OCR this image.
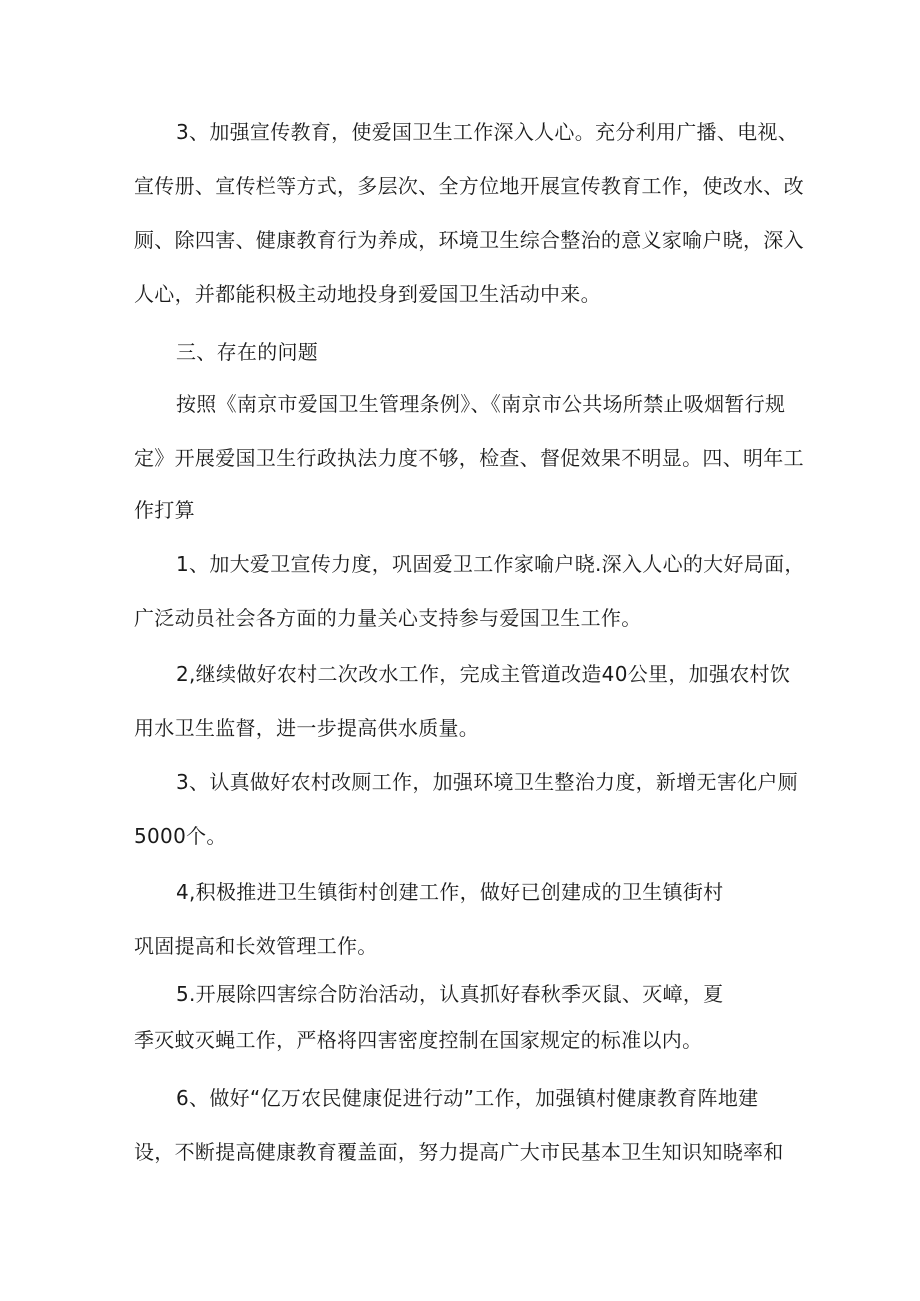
3、加强宣传教育，使爱国卫生工作深入人心。充分利用广播、电视、
宣传册、宣传栏等方式，多层次、全方位地开展宣传教育工作，使改水、改
厕、除四害、健康教育行为养成，环境卫生综合整治的意义家喻户晓，深入
人心，并都能积极主动地投身到爱国卫生活动中来。
三、存在的问题
按照《南京市爱国卫生管理条例》、《南京市公共场所禁止吸烟暂行规
定》开展爱国卫生行政执法力度不够，检查、督促效果不明显。四、明年工
作打算
1、加大爱卫宣传力度，巩固爱卫工作家喻户晓.深入人心的大好局面，
广泛动员社会各方面的力量关心支持参与爱国卫生工作。
2,继续做好农村二次改水工作，完成主管道改造40公里，加强农村饮
用水卫生监督，进一步提高供水质量。
3、认真做好农村改厕工作，加强环境卫生整治力度，新增无害化户厕
5000个。
4,积极推进卫生镇街村创建工作，做好已创建成的卫生镇街村
巩固提高和长效管理工作。
5.开展除四害综合防治活动，认真抓好春秋季灭鼠、灭嶂，夏
季灭蚊灭蝇工作，严格将四害密度控制在国家规定的标准以内。
6、做好“亿万农民健康促进行动”工作，加强镇村健康教育阵地建
设，不断提高健康教育覆盖面，努力提高广大市民基本卫生知识知晓率和
